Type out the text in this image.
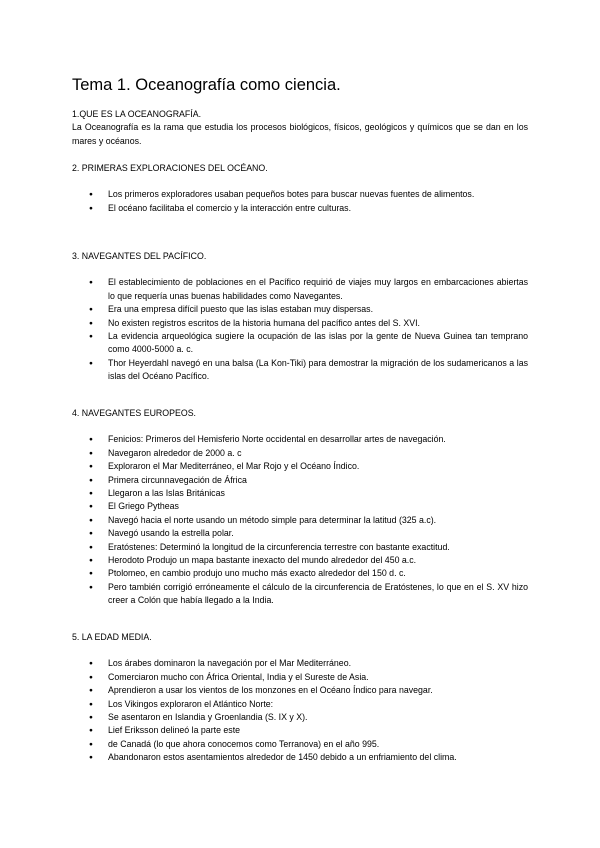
Tema 1. Oceanografía como ciencia.

1.QUE ES LA OCEANOGRAFÍA.

La Oceanografía es la rama que estudia los procesos biológicos, físicos, geológicos y químicos que se dan en los mares y océanos.

2. PRIMERAS EXPLORACIONES DEL OCÉANO.

● Los primeros exploradores usaban pequeños botes para buscar nuevas fuentes de alimentos.
● El océano facilitaba el comercio y la interacción entre culturas.

3. NAVEGANTES DEL PACÍFICO.

● El establecimiento de poblaciones en el Pacífico requirió de viajes muy largos en embarcaciones abiertas lo que requería unas buenas habilidades como Navegantes.
● Era una empresa difícil puesto que las islas estaban muy dispersas.
● No existen registros escritos de la historia humana del pacífico antes del S. XVI.
● La evidencia arqueológica sugiere la ocupación de las islas por la gente de Nueva Guinea tan temprano como 4000-5000 a. c.
● Thor Heyerdahl navegó en una balsa (La Kon-Tiki) para demostrar la migración de los sudamericanos a las islas del Océano Pacífico.

4. NAVEGANTES EUROPEOS.

● Fenicios: Primeros del Hemisferio Norte occidental en desarrollar artes de navegación.
● Navegaron alrededor de 2000 a. c
● Exploraron el Mar Mediterráneo, el Mar Rojo y el Océano Índico.
● Primera circunnavegación de África
● Llegaron a las Islas Británicas
● El Griego Pytheas
● Navegó hacia el norte usando un método simple para determinar la latitud (325 a.c).
● Navegó usando la estrella polar.
● Eratóstenes: Determinó la longitud de la circunferencia terrestre con bastante exactitud.
● Herodoto Produjo un mapa bastante inexacto del mundo alrededor del 450 a.c.
● Ptolomeo, en cambio produjo uno mucho más exacto alrededor del 150 d. c.
● Pero también corrigió erróneamente el cálculo de la circunferencia de Eratóstenes, lo que en el S. XV hizo creer a Colón que había llegado a la India.

5. LA EDAD MEDIA.

● Los árabes dominaron la navegación por el Mar Mediterráneo.
● Comerciaron mucho con África Oriental, India y el Sureste de Asia.
● Aprendieron a usar los vientos de los monzones en el Océano Índico para navegar.
● Los Vikingos exploraron el Atlántico Norte:
● Se asentaron en Islandia y Groenlandia (S. IX y X).
● Lief Eriksson delineó la parte este
● de Canadá (lo que ahora conocemos como Terranova) en el año 995.
● Abandonaron estos asentamientos alrededor de 1450 debido a un enfriamiento del clima.
